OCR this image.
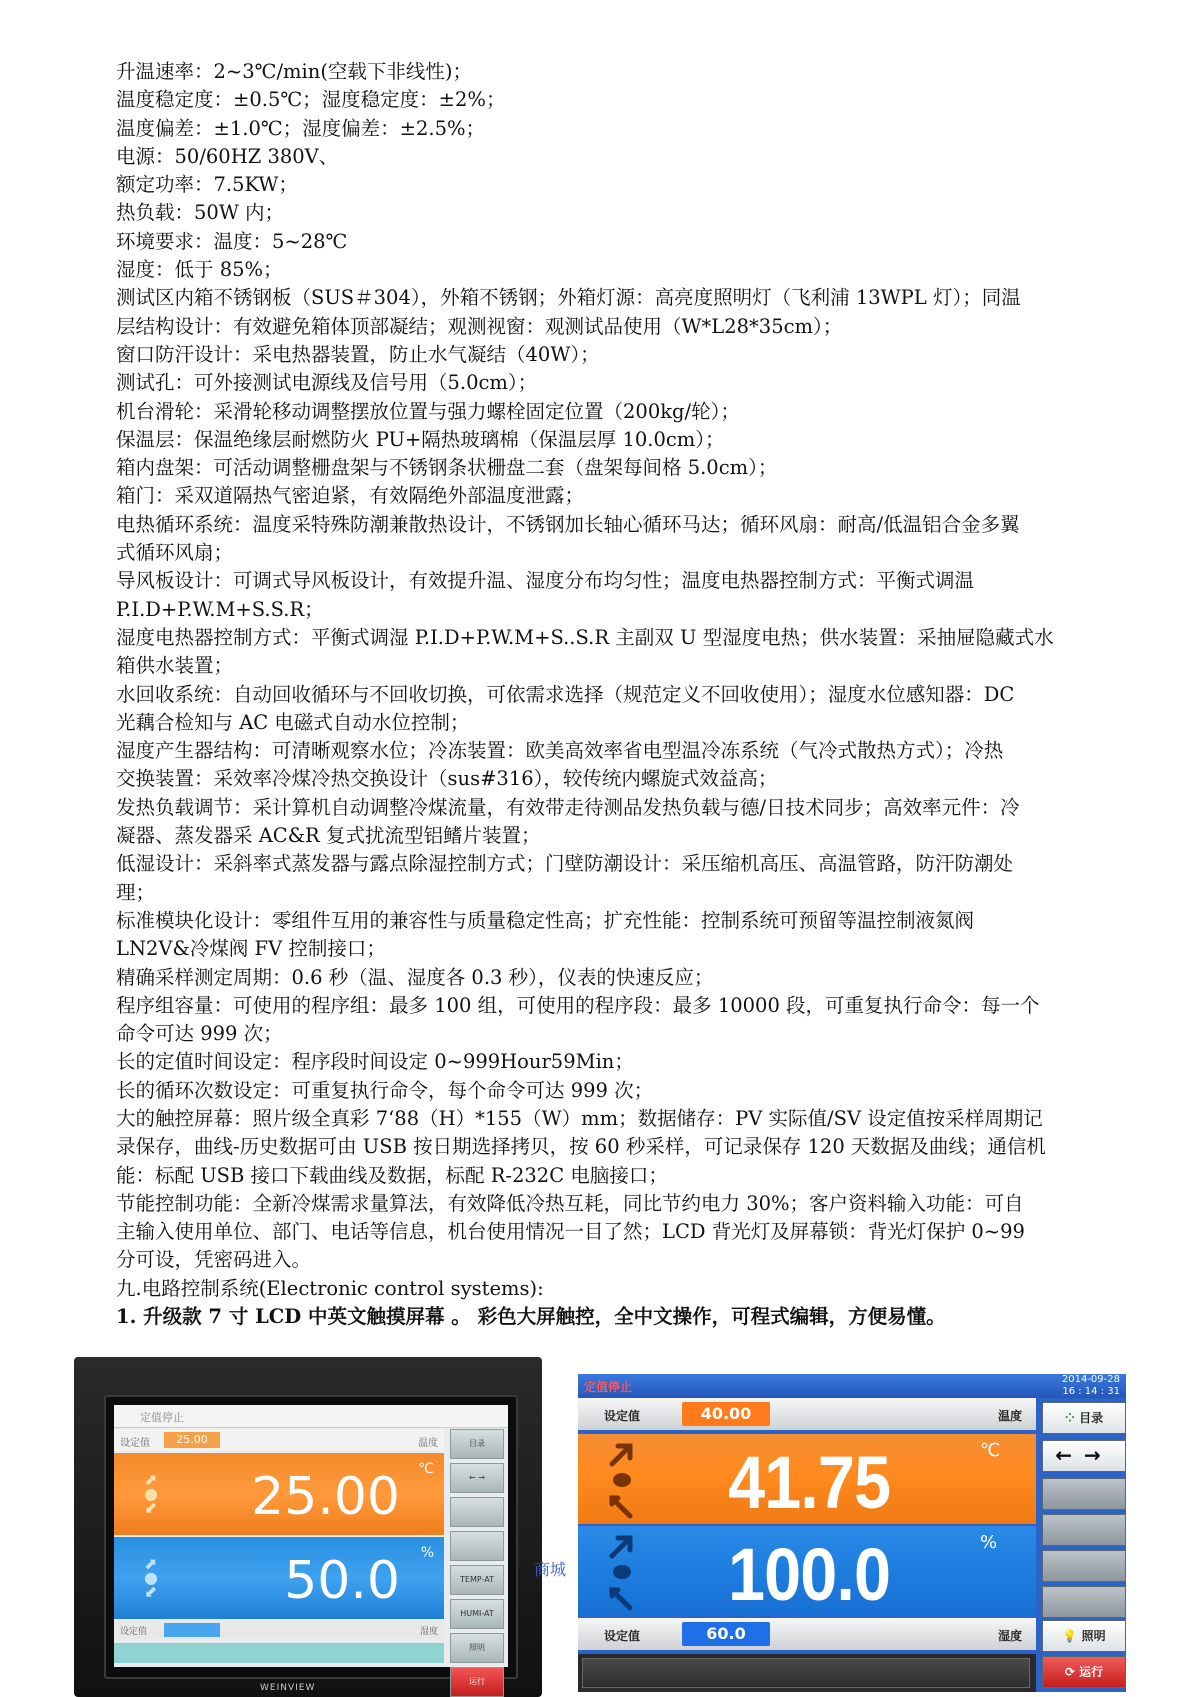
升温速率：2~3℃/min(空载下非线性)；
温度稳定度：±0.5℃；湿度稳定度：±2%；
温度偏差：±1.0℃；湿度偏差：±2.5%；
电源：50/60HZ 380V、
额定功率：7.5KW；
热负载：50W 内；
环境要求：温度：5~28℃
湿度：低于 85%；
测试区内箱不锈钢板（SUS＃304），外箱不锈钢；外箱灯源：高亮度照明灯（飞利浦 13WPL 灯）；同温
层结构设计：有效避免箱体顶部凝结；观测视窗：观测试品使用（W*L28*35cm）；
窗口防汗设计：采电热器装置，防止水气凝结（40W）；
测试孔：可外接测试电源线及信号用（5.0cm）；
机台滑轮：采滑轮移动调整摆放位置与强力螺栓固定位置（200kg/轮）；
保温层：保温绝缘层耐燃防火 PU+隔热玻璃棉（保温层厚 10.0cm）；
箱内盘架：可活动调整栅盘架与不锈钢条状栅盘二套（盘架每间格 5.0cm）；
箱门：采双道隔热气密迫紧，有效隔绝外部温度泄露；
电热循环系统：温度采特殊防潮兼散热设计，不锈钢加长轴心循环马达；循环风扇：耐高/低温铝合金多翼
式循环风扇；
导风板设计：可调式导风板设计，有效提升温、湿度分布均匀性；温度电热器控制方式：平衡式调温
P.I.D+P.W.M+S.S.R；
湿度电热器控制方式：平衡式调湿 P.I.D+P.W.M+S..S.R 主副双 U 型湿度电热；供水装置：采抽屉隐藏式水
箱供水装置；
水回收系统：自动回收循环与不回收切换，可依需求选择（规范定义不回收使用）；湿度水位感知器：DC
光藕合检知与 AC 电磁式自动水位控制；
湿度产生器结构：可清晰观察水位；冷冻装置：欧美高效率省电型温冷冻系统（气冷式散热方式）；冷热
交换装置：采效率冷煤冷热交换设计（sus#316），较传统内螺旋式效益高；
发热负载调节：采计算机自动调整冷煤流量，有效带走待测品发热负载与德/日技术同步；高效率元件：冷
凝器、蒸发器采 AC&R 复式扰流型铝鳍片装置；
低湿设计：采斜率式蒸发器与露点除湿控制方式；门壁防潮设计：采压缩机高压、高温管路，防汗防潮处
理；
标准模块化设计：零组件互用的兼容性与质量稳定性高；扩充性能：控制系统可预留等温控制液氮阀
LN2V&冷煤阀 FV 控制接口；
精确采样测定周期：0.6 秒（温、湿度各 0.3 秒），仪表的快速反应；
程序组容量：可使用的程序组：最多 100 组，可使用的程序段：最多 10000 段，可重复执行命令：每一个
命令可达 999 次；
长的定值时间设定：程序段时间设定 0~999Hour59Min；
长的循环次数设定：可重复执行命令，每个命令可达 999 次；
大的触控屏幕：照片级全真彩 7‘88（H）*155（W）mm；数据储存：PV 实际值/SV 设定值按采样周期记
录保存，曲线-历史数据可由 USB 按日期选择拷贝，按 60 秒采样，可记录保存 120 天数据及曲线；通信机
能：标配 USB 接口下载曲线及数据，标配 R-232C 电脑接口；
节能控制功能：全新冷煤需求量算法，有效降低冷热互耗，同比节约电力 30%；客户资料输入功能：可自
主输入使用单位、部门、电话等信息，机台使用情况一目了然；LCD 背光灯及屏幕锁：背光灯保护 0~99
分可设，凭密码进入。
九.电路控制系统(Electronic control systems):
1. 升级款 7 寸 LCD 中英文触摸屏幕 。 彩色大屏触控，全中文操作，可程式编辑，方便易懂。
定值停止
设定值	25.00	温度
⬈
●
⬋
℃
25.00
⬈
●
⬋
%
50.0
设定值	湿度
目录
← →
TEMP-AT
HUMI-AT
照明
运行
WEINVIEW
商城
定值停止
2014-09-28
16 : 14 : 31
设定值	40.00	温度
41.75	℃
100.0	%
设定值	60.0	湿度
⁘ 目录
←→
💡 照明
⟳ 运行
